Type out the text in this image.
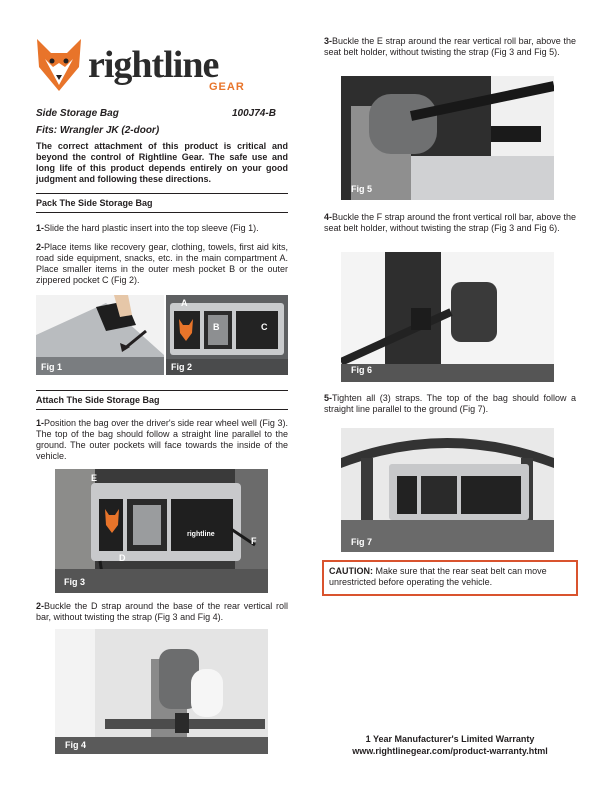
rightline
GEAR
Side Storage Bag	100J74-B
Fits: Wrangler JK (2-door)
The correct attachment of this product is critical and beyond the control of Rightline Gear. The safe use and long life of this product depends entirely on your good judgment and following these directions.
Pack The Side Storage Bag
1-Slide the hard plastic insert into the top sleeve (Fig 1).
2-Place items like recovery gear, clothing, towels, first aid kits, road side equipment, snacks, etc. in the main compartment A. Place smaller items in the outer mesh pocket B or the outer zippered pocket C (Fig 2).
Fig 1
A
B	C
Fig 2
Attach The Side Storage Bag
1-Position the bag over the driver's side rear wheel well (Fig 3). The top of the bag should follow a straight line parallel to the ground. The outer pockets will face towards the inside of the vehicle.
rightline
E
D
F
Fig 3
2-Buckle the D strap around the base of the rear vertical roll bar, without twisting the strap (Fig 3 and Fig 4).
Fig 4
3-Buckle the E strap around the rear vertical roll bar, above the seat belt holder, without twisting the strap (Fig 3 and Fig 5).
Fig 5
4-Buckle the F strap around the front vertical roll bar, above the seat belt holder, without twisting the strap (Fig 3 and Fig 6).
Fig 6
5-Tighten all (3) straps. The top of the bag should follow a straight line parallel to the ground (Fig 7).
Fig 7
CAUTION: Make sure that the rear seat belt can move unrestricted before operating the vehicle.
1 Year Manufacturer's Limited Warranty
www.rightlinegear.com/product-warranty.html
